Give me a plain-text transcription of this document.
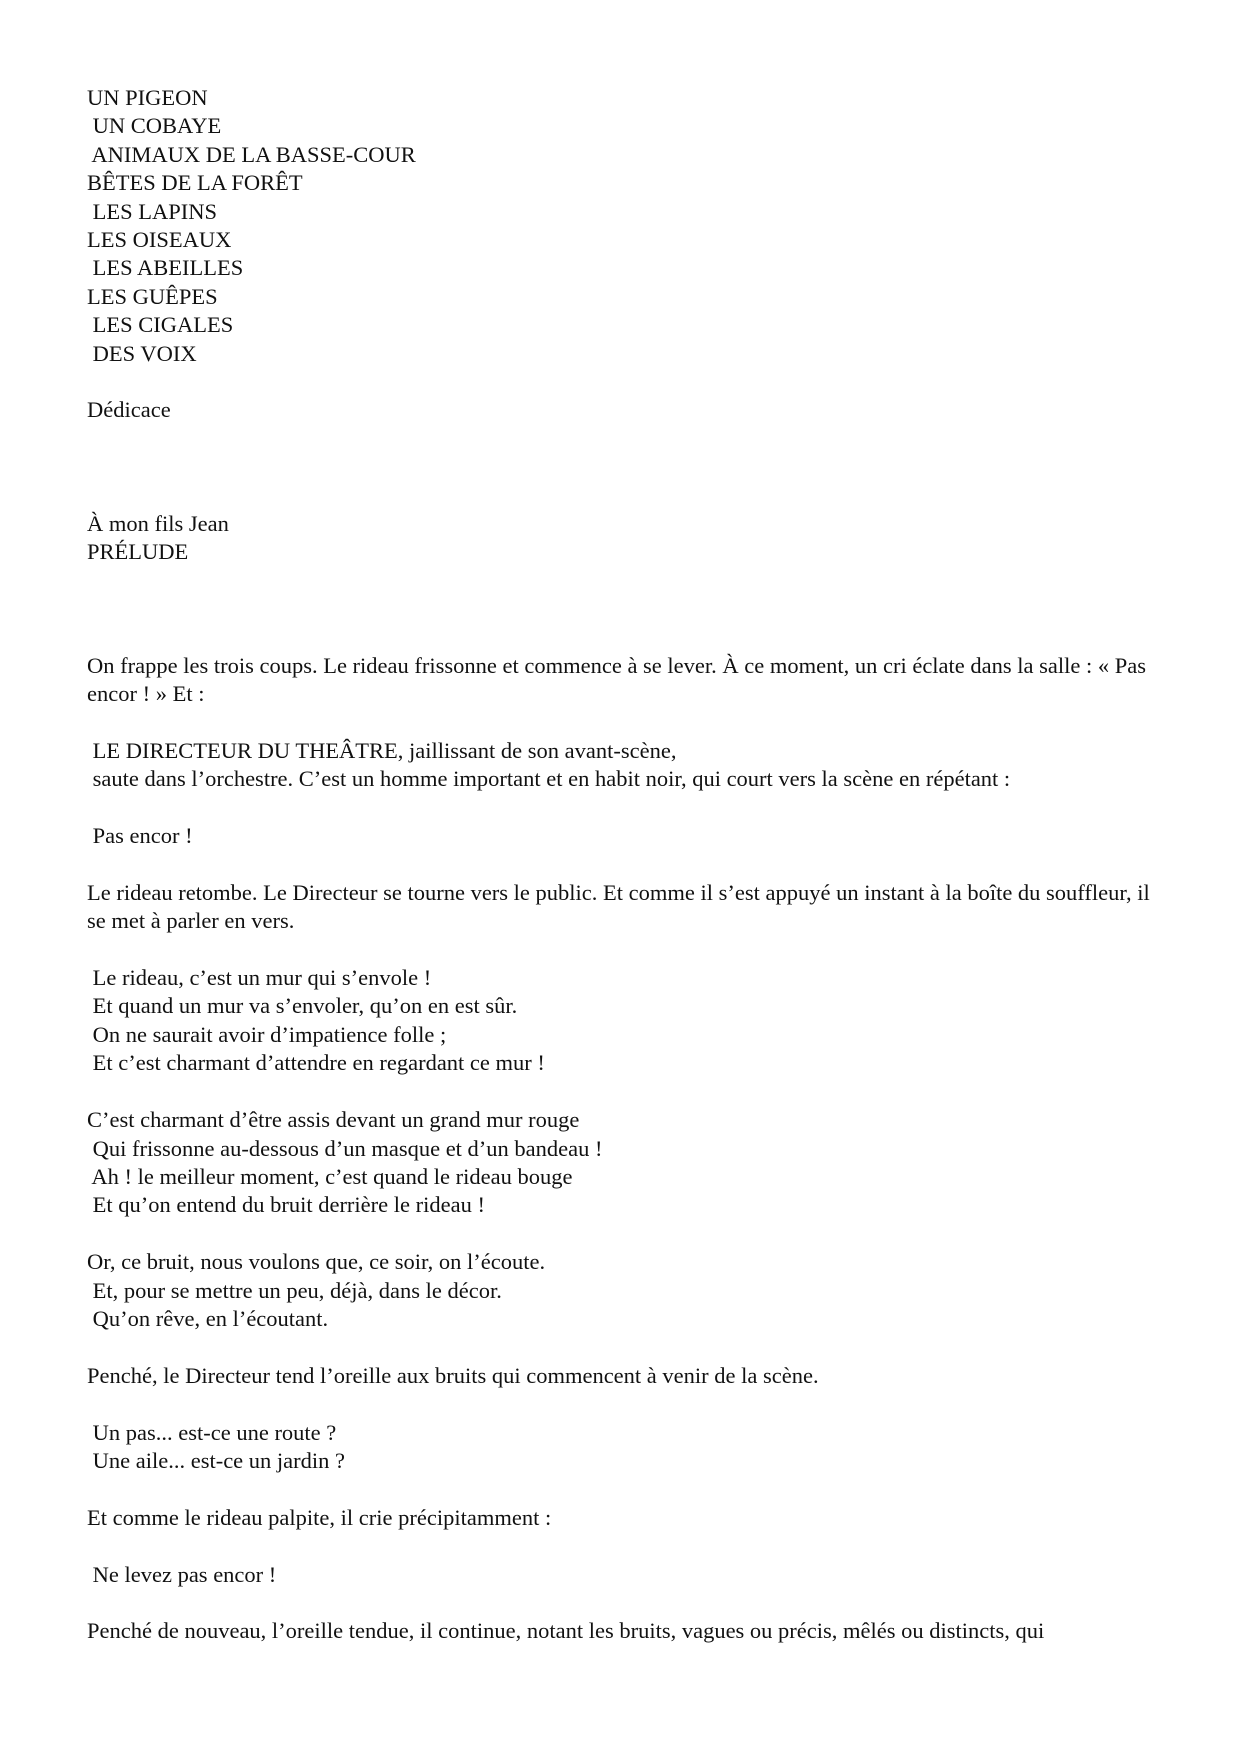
UN PIGEON
UN COBAYE
ANIMAUX DE LA BASSE-COUR
BÊTES DE LA FORÊT
LES LAPINS
LES OISEAUX
LES ABEILLES
LES GUÊPES
LES CIGALES
DES VOIX
Dédicace
À mon fils Jean
PRÉLUDE
On frappe les trois coups. Le rideau frissonne et commence à se lever. À ce moment, un cri éclate dans la salle : « Pas encor ! » Et :
LE DIRECTEUR DU THEÂTRE, jaillissant de son avant-scène,
saute dans l’orchestre. C’est un homme important et en habit noir, qui court vers la scène en répétant :
Pas encor !
Le rideau retombe. Le Directeur se tourne vers le public. Et comme il s’est appuyé un instant à la boîte du souffleur, il se met à parler en vers.
Le rideau, c’est un mur qui s’envole !
Et quand un mur va s’envoler, qu’on en est sûr.
On ne saurait avoir d’impatience folle ;
Et c’est charmant d’attendre en regardant ce mur !
C’est charmant d’être assis devant un grand mur rouge
Qui frissonne au-dessous d’un masque et d’un bandeau !
Ah ! le meilleur moment, c’est quand le rideau bouge
Et qu’on entend du bruit derrière le rideau !
Or, ce bruit, nous voulons que, ce soir, on l’écoute.
Et, pour se mettre un peu, déjà, dans le décor.
Qu’on rêve, en l’écoutant.
Penché, le Directeur tend l’oreille aux bruits qui commencent à venir de la scène.
Un pas... est-ce une route ?
Une aile... est-ce un jardin ?
Et comme le rideau palpite, il crie précipitamment :
Ne levez pas encor !
Penché de nouveau, l’oreille tendue, il continue, notant les bruits, vagues ou précis, mêlés ou distincts, qui
